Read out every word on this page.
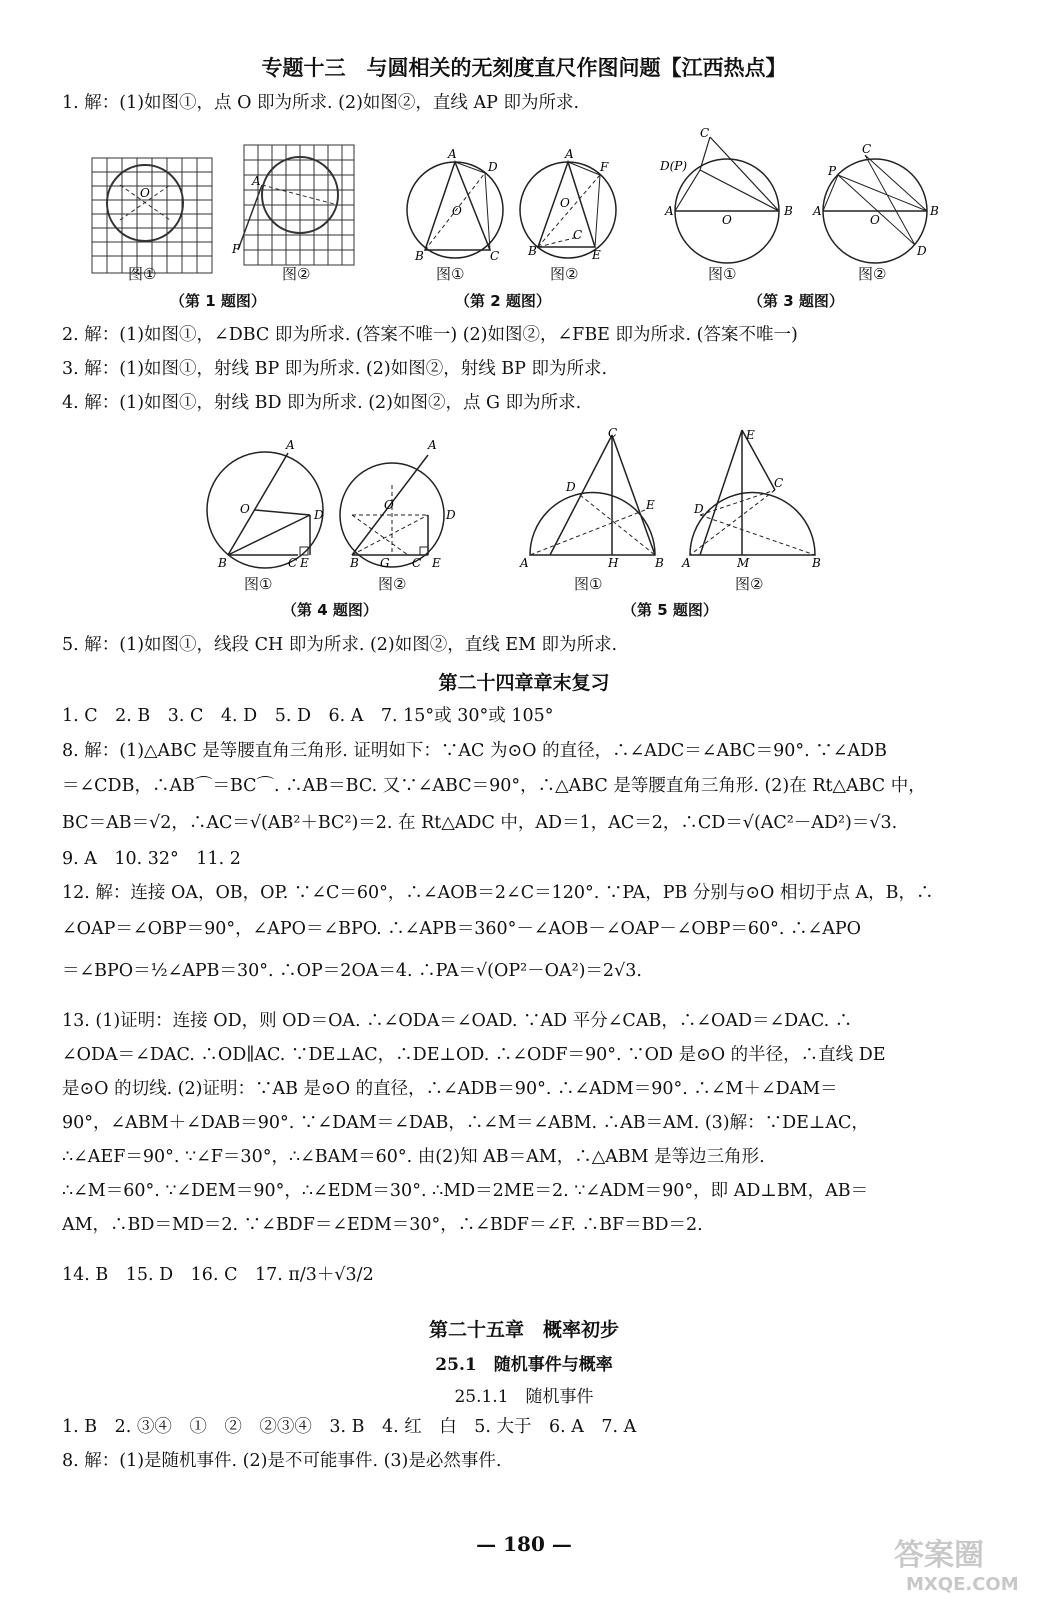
专题十三　与圆相关的无刻度直尺作图问题【江西热点】
1. 解：(1)如图①，点 O 即为所求. (2)如图②，直线 AP 即为所求.
O
A
P
A
D
B	C
O
A
F
B	E
C
O
C
D(P)
A	B
O
C
P
A	B
D
O
图①	图②	图①	图②	图①	图②
（第 1 题图）	（第 2 题图）	（第 3 题图）
2. 解：(1)如图①，∠DBC 即为所求. (答案不唯一) (2)如图②，∠FBE 即为所求. (答案不唯一)
3. 解：(1)如图①，射线 BP 即为所求. (2)如图②，射线 BP 即为所求.
4. 解：(1)如图①，射线 BD 即为所求. (2)如图②，点 G 即为所求.
A
O	D
B	C E
A
O
D
B G C E
C
D
E
A	H	B
E
D
C
A	M	B
图①	图②	图①	图②
（第 4 题图）	（第 5 题图）
5. 解：(1)如图①，线段 CH 即为所求. (2)如图②，直线 EM 即为所求.
第二十四章章末复习
1. C　2. B　3. C　4. D　5. D　6. A　7. 15°或 30°或 105°
8. 解：(1)△ABC 是等腰直角三角形. 证明如下：∵AC 为⊙O 的直径，∴∠ADC＝∠ABC＝90°. ∵∠ADB
＝∠CDB，∴AB⌒＝BC⌒. ∴AB＝BC. 又∵∠ABC＝90°，∴△ABC 是等腰直角三角形. (2)在 Rt△ABC 中，
BC＝AB＝√2，∴AC＝√(AB²＋BC²)＝2. 在 Rt△ADC 中，AD＝1，AC＝2，∴CD＝√(AC²－AD²)＝√3.
9. A　10. 32°　11. 2
12. 解：连接 OA，OB，OP. ∵∠C＝60°，∴∠AOB＝2∠C＝120°. ∵PA，PB 分别与⊙O 相切于点 A，B，∴
∠OAP＝∠OBP＝90°，∠APO＝∠BPO. ∴∠APB＝360°－∠AOB－∠OAP－∠OBP＝60°. ∴∠APO
＝∠BPO＝½∠APB＝30°. ∴OP＝2OA＝4. ∴PA＝√(OP²－OA²)＝2√3.
13. (1)证明：连接 OD，则 OD＝OA. ∴∠ODA＝∠OAD. ∵AD 平分∠CAB，∴∠OAD＝∠DAC. ∴
∠ODA＝∠DAC. ∴OD∥AC. ∵DE⊥AC，∴DE⊥OD. ∴∠ODF＝90°. ∵OD 是⊙O 的半径，∴直线 DE
是⊙O 的切线. (2)证明：∵AB 是⊙O 的直径，∴∠ADB＝90°. ∴∠ADM＝90°. ∴∠M＋∠DAM＝
90°，∠ABM＋∠DAB＝90°. ∵∠DAM＝∠DAB，∴∠M＝∠ABM. ∴AB＝AM. (3)解：∵DE⊥AC，
∴∠AEF＝90°. ∵∠F＝30°，∴∠BAM＝60°. 由(2)知 AB＝AM，∴△ABM 是等边三角形.
∴∠M＝60°. ∵∠DEM＝90°，∴∠EDM＝30°. ∴MD＝2ME＝2. ∵∠ADM＝90°，即 AD⊥BM，AB＝
AM，∴BD＝MD＝2. ∵∠BDF＝∠EDM＝30°，∴∠BDF＝∠F. ∴BF＝BD＝2.
14. B　15. D　16. C　17. π/3＋√3/2
第二十五章　概率初步
25.1　随机事件与概率
25.1.1　随机事件
1. B　2. ③④　①　②　②③④　3. B　4. 红　白　5. 大于　6. A　7. A
8. 解：(1)是随机事件. (2)是不可能事件. (3)是必然事件.
— 180 —	答案圈
MXQE.COM
